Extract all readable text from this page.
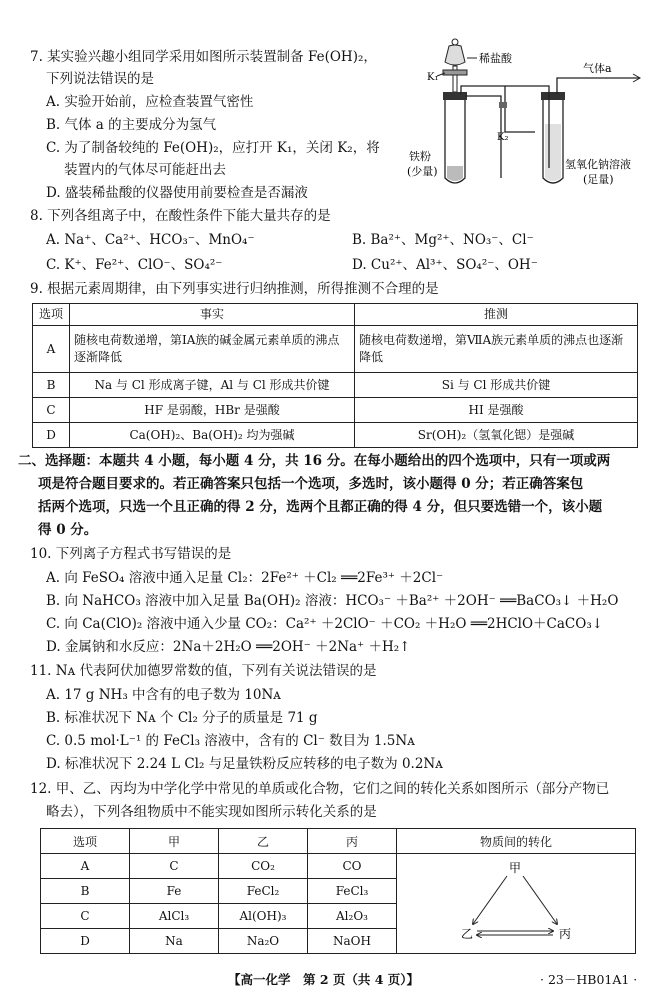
7. 某实验兴趣小组同学采用如图所示装置制备 Fe(OH)₂，
下列说法错误的是
A. 实验开始前，应检查装置气密性
B. 气体 a 的主要成分为氢气
C. 为了制备较纯的 Fe(OH)₂，应打开 K₁，关闭 K₂，将
装置内的气体尽可能赶出去
D. 盛装稀盐酸的仪器使用前要检查是否漏液
稀盐酸
K₁
K₂
气体a
铁粉
(少量)
氢氧化钠溶液
(足量)
8. 下列各组离子中，在酸性条件下能大量共存的是
A. Na⁺、Ca²⁺、HCO₃⁻、MnO₄⁻	B. Ba²⁺、Mg²⁺、NO₃⁻、Cl⁻
C. K⁺、Fe²⁺、ClO⁻、SO₄²⁻	D. Cu²⁺、Al³⁺、SO₄²⁻、OH⁻
9. 根据元素周期律，由下列事实进行归纳推测，所得推测不合理的是
选项	事实	推测
A	随核电荷数递增，第ⅠA族的碱金属元素单质的沸点逐渐降低	随核电荷数递增，第ⅦA族元素单质的沸点也逐渐降低
B	Na 与 Cl 形成离子键，Al 与 Cl 形成共价键	Si 与 Cl 形成共价键
C	HF 是弱酸，HBr 是强酸	HI 是强酸
D	Ca(OH)₂、Ba(OH)₂ 均为强碱	Sr(OH)₂（氢氧化锶）是强碱
二、选择题：本题共 4 小题，每小题 4 分，共 16 分。在每小题给出的四个选项中，只有一项或两
项是符合题目要求的。若正确答案只包括一个选项，多选时，该小题得 0 分；若正确答案包
括两个选项，只选一个且正确的得 2 分，选两个且都正确的得 4 分，但只要选错一个，该小题
得 0 分。
10. 下列离子方程式书写错误的是
A. 向 FeSO₄ 溶液中通入足量 Cl₂：2Fe²⁺ ＋Cl₂ ══2Fe³⁺ ＋2Cl⁻
B. 向 NaHCO₃ 溶液中加入足量 Ba(OH)₂ 溶液：HCO₃⁻ ＋Ba²⁺ ＋2OH⁻ ══BaCO₃↓ ＋H₂O
C. 向 Ca(ClO)₂ 溶液中通入少量 CO₂：Ca²⁺ ＋2ClO⁻ ＋CO₂ ＋H₂O ══2HClO＋CaCO₃↓
D. 金属钠和水反应：2Na＋2H₂O ══2OH⁻ ＋2Na⁺ ＋H₂↑
11. Nᴀ 代表阿伏加德罗常数的值，下列有关说法错误的是
A. 17 g NH₃ 中含有的电子数为 10Nᴀ
B. 标准状况下 Nᴀ 个 Cl₂ 分子的质量是 71 g
C. 0.5 mol·L⁻¹ 的 FeCl₃ 溶液中，含有的 Cl⁻ 数目为 1.5Nᴀ
D. 标准状况下 2.24 L Cl₂ 与足量铁粉反应转移的电子数为 0.2Nᴀ
12. 甲、乙、丙均为中学化学中常见的单质或化合物，它们之间的转化关系如图所示（部分产物已
略去），下列各组物质中不能实现如图所示转化关系的是
选项	甲	乙	丙	物质间的转化
A	C	CO₂	CO	甲
乙 丙

B	Fe	FeCl₂	FeCl₃	
C	AlCl₃	Al(OH)₃	Al₂O₃	
D	Na	Na₂O	NaOH	
【高一化学　第 2 页（共 4 页）】	· 23－HB01A1 ·
